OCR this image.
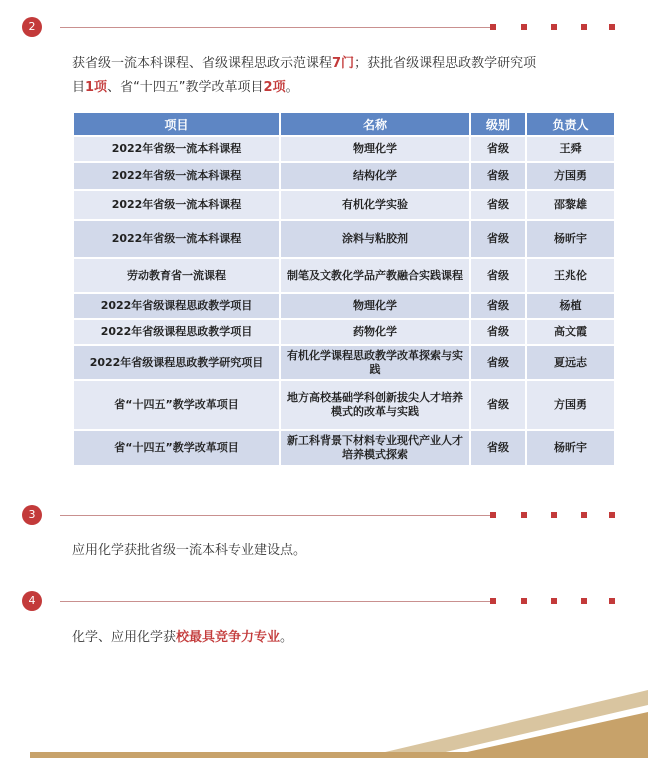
2
获省级一流本科课程、省级课程思政示范课程7门；获批省级课程思政教学研究项
目1项、省“十四五”教学改革项目2项。
项目	名称	级别	负责人
2022年省级一流本科课程	物理化学	省级	王舜
2022年省级一流本科课程	结构化学	省级	方国勇
2022年省级一流本科课程	有机化学实验	省级	邵黎雄
2022年省级一流本科课程	涂料与粘胶剂	省级	杨昕宇
劳动教育省一流课程	制笔及文教化学品产教融合实践课程	省级	王兆伦
2022年省级课程思政教学项目	物理化学	省级	杨植
2022年省级课程思政教学项目	药物化学	省级	高文霞
2022年省级课程思政教学研究项目	有机化学课程思政教学改革探索与实践	省级	夏远志
省“十四五”教学改革项目	地方高校基础学科创新拔尖人才培养模式的改革与实践	省级	方国勇
省“十四五”教学改革项目	新工科背景下材料专业现代产业人才培养模式探索	省级	杨昕宇
3
应用化学获批省级一流本科专业建设点。
4
化学、应用化学获校最具竞争力专业。
